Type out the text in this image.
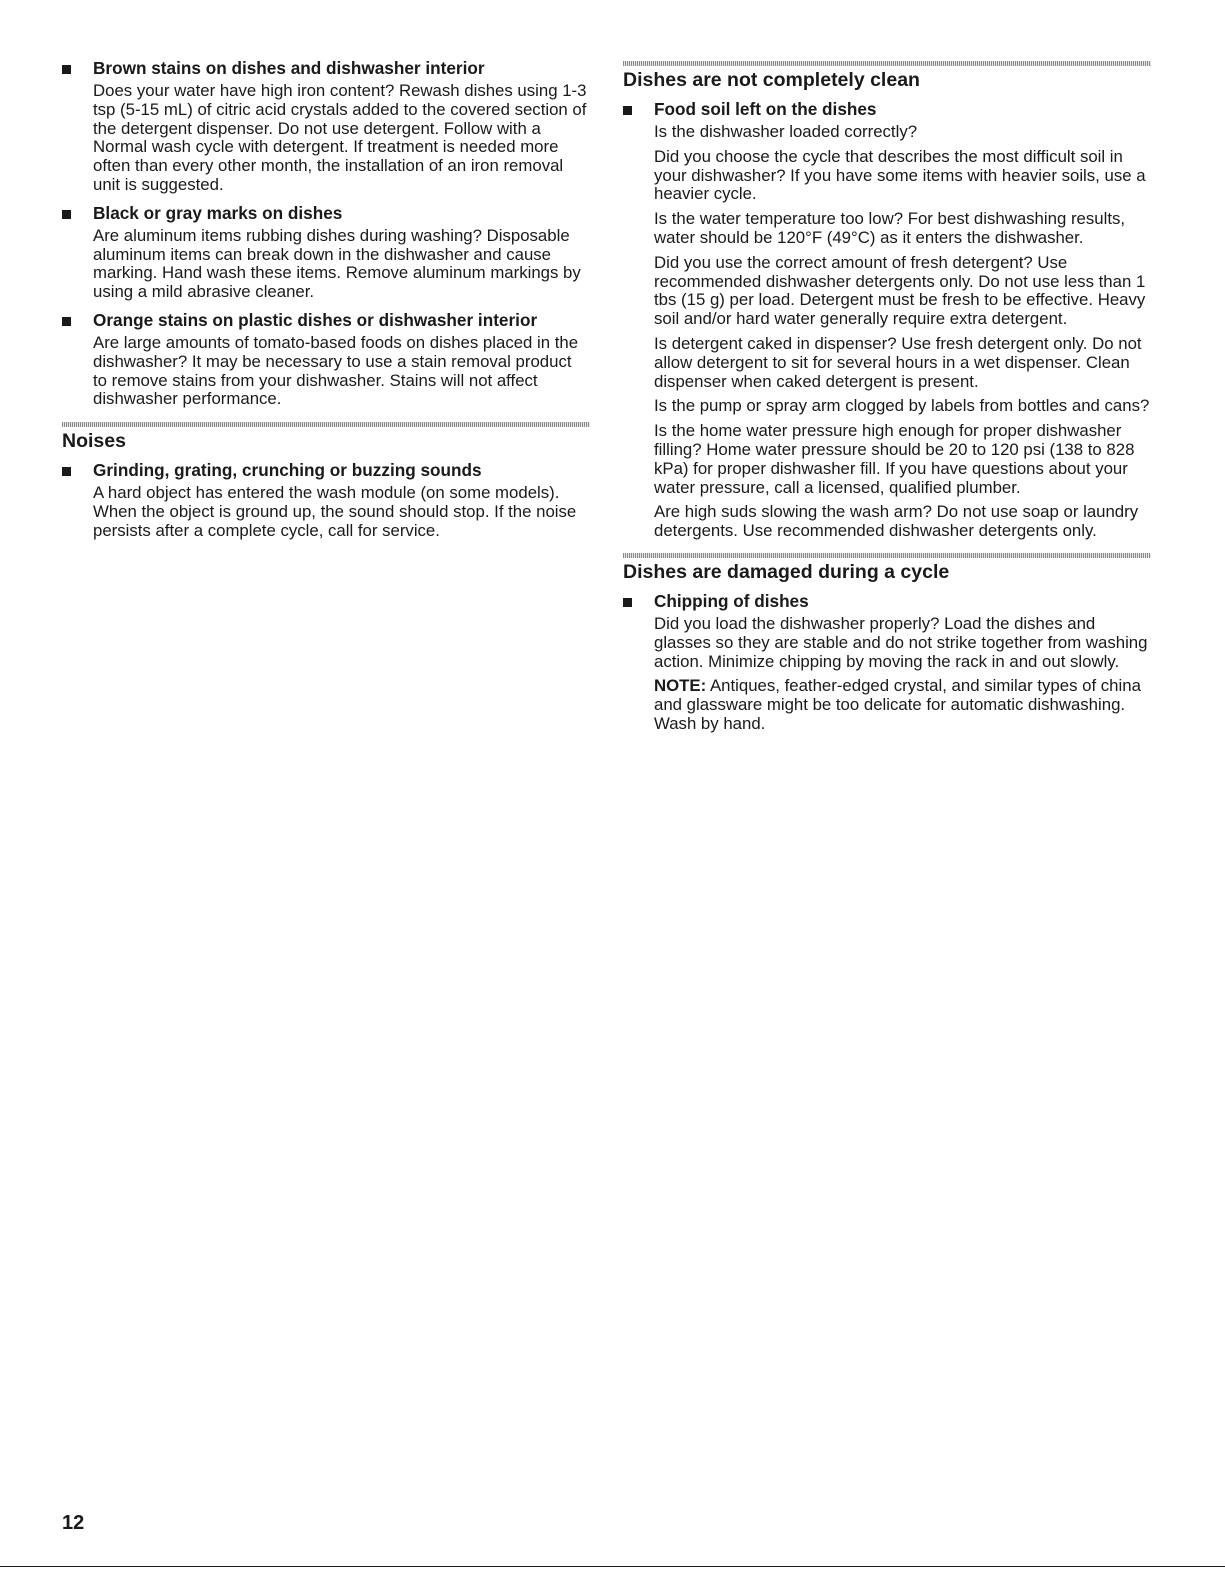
Brown stains on dishes and dishwasher interior

Does your water have high iron content? Rewash dishes using 1-3 tsp (5-15 mL) of citric acid crystals added to the covered section of the detergent dispenser. Do not use detergent. Follow with a Normal wash cycle with detergent. If treatment is needed more often than every other month, the installation of an iron removal unit is suggested.

Black or gray marks on dishes

Are aluminum items rubbing dishes during washing? Disposable aluminum items can break down in the dishwasher and cause marking. Hand wash these items. Remove aluminum markings by using a mild abrasive cleaner.

Orange stains on plastic dishes or dishwasher interior

Are large amounts of tomato-based foods on dishes placed in the dishwasher? It may be necessary to use a stain removal product to remove stains from your dishwasher. Stains will not affect dishwasher performance.

Noises

Grinding, grating, crunching or buzzing sounds

A hard object has entered the wash module (on some models). When the object is ground up, the sound should stop. If the noise persists after a complete cycle, call for service.

Dishes are not completely clean

Food soil left on the dishes

Is the dishwasher loaded correctly?

Did you choose the cycle that describes the most difficult soil in your dishwasher? If you have some items with heavier soils, use a heavier cycle.

Is the water temperature too low? For best dishwashing results, water should be 120°F (49°C) as it enters the dishwasher.

Did you use the correct amount of fresh detergent? Use recommended dishwasher detergents only. Do not use less than 1 tbs (15 g) per load. Detergent must be fresh to be effective. Heavy soil and/or hard water generally require extra detergent.

Is detergent caked in dispenser? Use fresh detergent only. Do not allow detergent to sit for several hours in a wet dispenser. Clean dispenser when caked detergent is present.

Is the pump or spray arm clogged by labels from bottles and cans?

Is the home water pressure high enough for proper dishwasher filling? Home water pressure should be 20 to 120 psi (138 to 828 kPa) for proper dishwasher fill. If you have questions about your water pressure, call a licensed, qualified plumber.

Are high suds slowing the wash arm? Do not use soap or laundry detergents. Use recommended dishwasher detergents only.

Dishes are damaged during a cycle

Chipping of dishes

Did you load the dishwasher properly? Load the dishes and glasses so they are stable and do not strike together from washing action. Minimize chipping by moving the rack in and out slowly.

NOTE: Antiques, feather-edged crystal, and similar types of china and glassware might be too delicate for automatic dishwashing. Wash by hand.

12
